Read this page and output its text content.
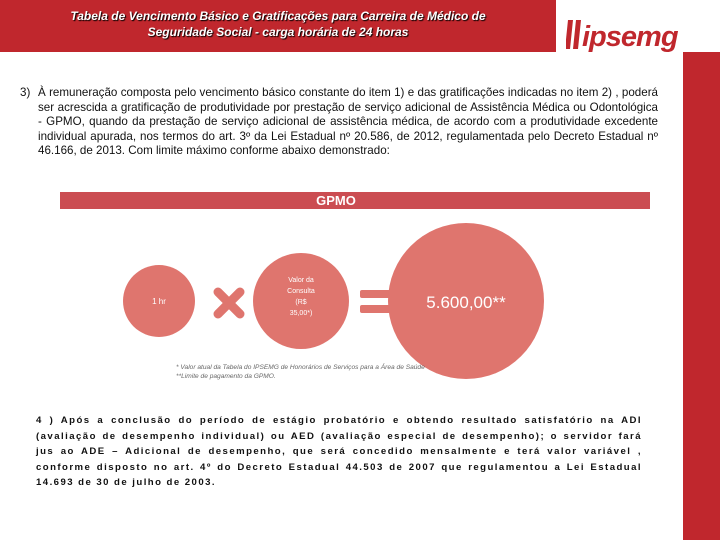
Tabela de Vencimento Básico e Gratificações para Carreira de Médico de
Seguridade Social - carga horária de 24 horas	ipsemg
3) À remuneração composta pelo vencimento básico constante do item 1) e das gratificações indicadas no item 2) , poderá ser acrescida a gratificação de produtividade por prestação de serviço adicional de Assistência Médica ou Odontológica - GPMO, quando da prestação de serviço adicional de assistência médica, de acordo com a produtividade excedente individual apurada, nos termos do art. 3º da Lei Estadual nº 20.586, de 2012, regulamentada pelo Decreto Estadual nº 46.166, de 2013. Com limite máximo conforme abaixo demonstrado:
GPMO
1 hr
Valor da
Consulta
(R$
35,00*)
5.600,00**
* Valor atual da Tabela do IPSEMG de Honorários de Serviços para a Área de Saúde
**Limite de pagamento da GPMO.
4 ) Após a conclusão do período de estágio probatório e obtendo resultado satisfatório na ADI (avaliação de desempenho individual) ou AED (avaliação especial de desempenho); o servidor fará jus ao ADE – Adicional de desempenho, que será concedido mensalmente e terá valor variável , conforme disposto no art. 4º do Decreto Estadual 44.503 de 2007 que regulamentou a Lei Estadual 14.693 de 30 de julho de 2003.
